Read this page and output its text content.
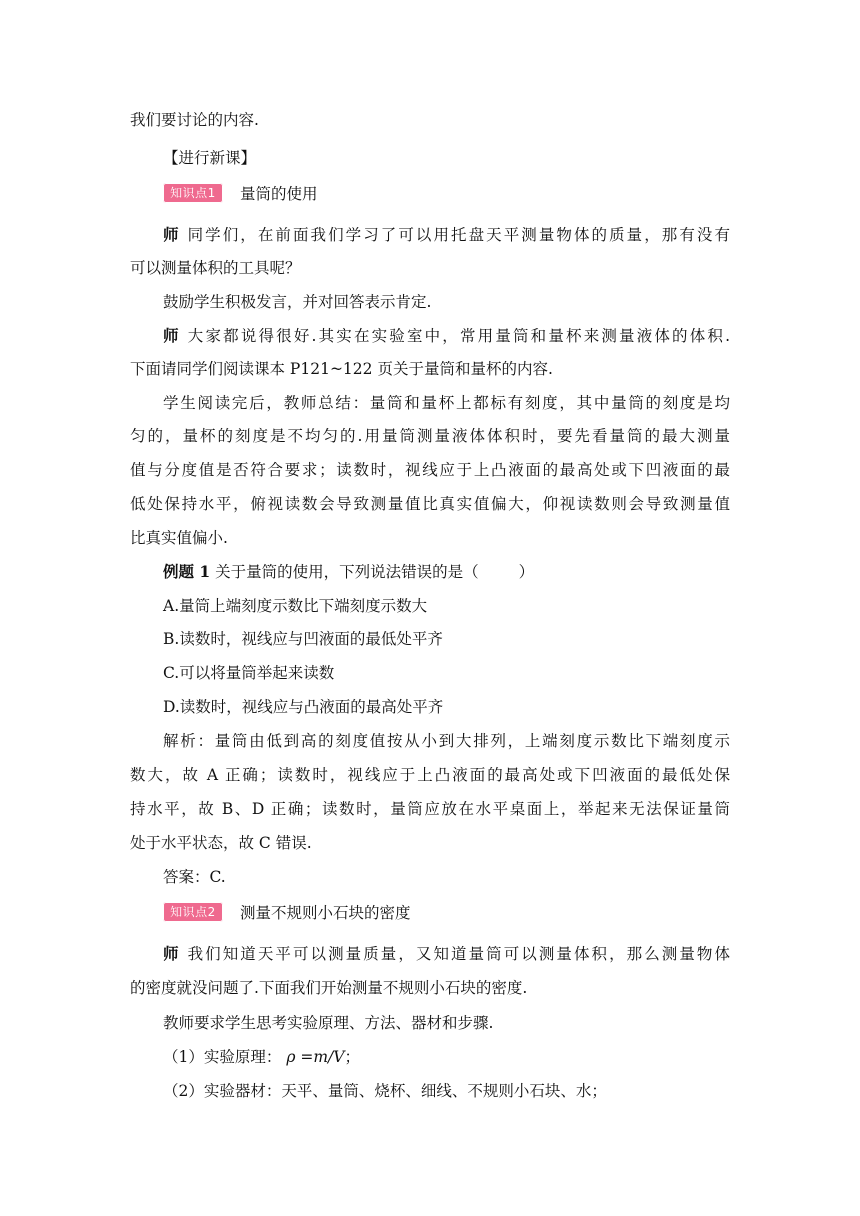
我们要讨论的内容.
【进行新课】
知识点1	量筒的使用
师 同学们，在前面我们学习了可以用托盘天平测量物体的质量，那有没有
可以测量体积的工具呢？
鼓励学生积极发言，并对回答表示肯定.
师 大家都说得很好.其实在实验室中，常用量筒和量杯来测量液体的体积.
下面请同学们阅读课本 P121~122 页关于量筒和量杯的内容.
学生阅读完后，教师总结：量筒和量杯上都标有刻度，其中量筒的刻度是均
匀的，量杯的刻度是不均匀的.用量筒测量液体体积时，要先看量筒的最大测量
值与分度值是否符合要求；读数时，视线应于上凸液面的最高处或下凹液面的最
低处保持水平，俯视读数会导致测量值比真实值偏大，仰视读数则会导致测量值
比真实值偏小.
例题 1 关于量筒的使用，下列说法错误的是（	）
A.量筒上端刻度示数比下端刻度示数大
B.读数时，视线应与凹液面的最低处平齐
C.可以将量筒举起来读数
D.读数时，视线应与凸液面的最高处平齐
解析：量筒由低到高的刻度值按从小到大排列，上端刻度示数比下端刻度示
数大，故 A 正确；读数时，视线应于上凸液面的最高处或下凹液面的最低处保
持水平，故 B、D 正确；读数时，量筒应放在水平桌面上，举起来无法保证量筒
处于水平状态，故 C 错误.
答案：C.
知识点2	测量不规则小石块的密度
师 我们知道天平可以测量质量，又知道量筒可以测量体积，那么测量物体
的密度就没问题了.下面我们开始测量不规则小石块的密度.
教师要求学生思考实验原理、方法、器材和步骤.
（1）实验原理： ρ =m/V；
（2）实验器材：天平、量筒、烧杯、细线、不规则小石块、水；
